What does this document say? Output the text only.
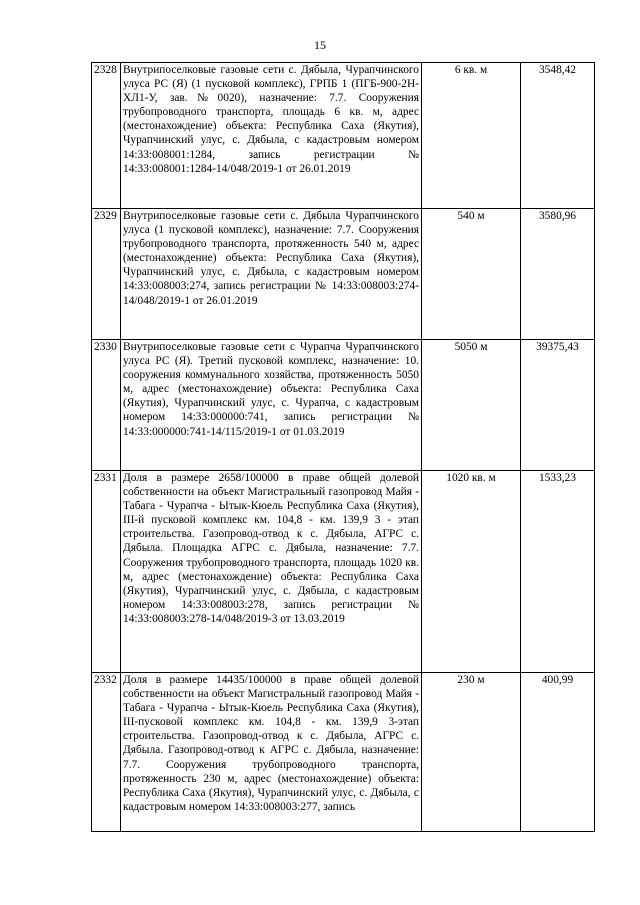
15
2328	Внутрипоселковые газовые сети с. Дябыла, Чурапчинского улуса РС (Я) (1 пусковой комплекс), ГРПБ 1 (ПГБ-900-2Н-ХЛ1-У, зав.№0020), назначение: 7.7. Сооружения трубопроводного транспорта, площадь 6 кв. м, адрес (местонахождение) объекта: Республика Саха (Якутия), Чурапчинский улус, с. Дябыла, с кадастровым номером 14:33:008001:1284, запись регистрации № 14:33:008001:1284-14/048/2019-1 от 26.01.2019	6 кв. м	3548,42
2329	Внутрипоселковые газовые сети с. Дябыла Чурапчинского улуса (1 пусковой комплекс), назначение: 7.7. Сооружения трубопроводного транспорта, протяженность 540 м, адрес (местонахождение) объекта: Республика Саха (Якутия), Чурапчинский улус, с. Дябыла, с кадастровым номером 14:33:008003:274, запись регистрации № 14:33:008003:274-14/048/2019-1 от 26.01.2019	540 м	3580,96
2330	Внутрипоселковые газовые сети с Чурапча Чурапчинского улуса РС (Я). Третий пусковой комплекс, назначение: 10. сооружения коммунального хозяйства, протяженность 5050 м, адрес (местонахождение) объекта: Республика Саха (Якутия), Чурапчинский улус, с. Чурапча, с кадастровым номером 14:33:000000:741, запись регистрации № 14:33:000000:741-14/115/2019-1 от 01.03.2019	5050 м	39375,43
2331	Доля в размере 2658/100000 в праве общей долевой собственности на объект Магистральный газопровод Майя - Табага - Чурапча - Ытык-Кюель Республика Саха (Якутия), III-й пусковой комплекс км. 104,8 - км. 139,9 3 - этап строительства. Газопровод-отвод к с. Дябыла, АГРС с. Дябыла. Площадка АГРС с. Дябыла, назначение: 7.7. Сооружения трубопроводного транспорта, площадь 1020 кв. м, адрес (местонахождение) объекта: Республика Саха (Якутия), Чурапчинский улус, с. Дябыла, с кадастровым номером 14:33:008003:278, запись регистрации № 14:33:008003:278-14/048/2019-3 от 13.03.2019	1020 кв. м	1533,23
2332	Доля в размере 14435/100000 в праве общей долевой собственности на объект Магистральный газопровод Майя - Табага - Чурапча - Ытык-Кюель Республика Саха (Якутия), III-пусковой комплекс км. 104,8 - км. 139,9 3-этап строительства. Газопровод-отвод к с. Дябыла, АГРС с. Дябыла. Газопровод-отвод к АГРС с. Дябыла, назначение: 7.7. Сооружения трубопроводного транспорта, протяженность 230 м, адрес (местонахождение) объекта: Республика Саха (Якутия), Чурапчинский улус, с. Дябыла, с кадастровым номером 14:33:008003:277, запись	230 м	400,99
